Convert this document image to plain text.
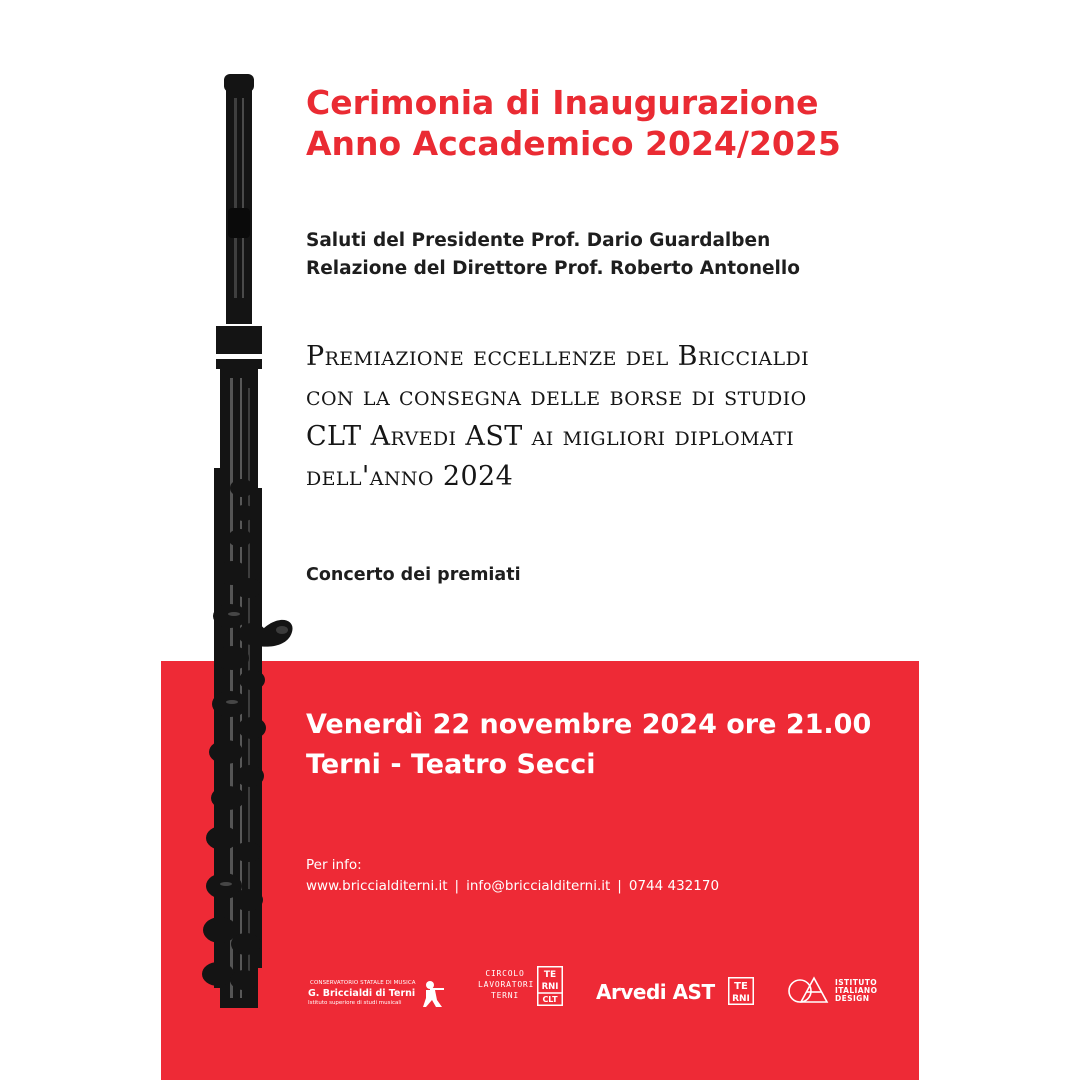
Cerimonia di Inaugurazione
Anno Accademico 2024/2025
Saluti del Presidente Prof. Dario Guardalben
Relazione del Direttore Prof. Roberto Antonello
Premiazione eccellenze del Briccialdi
con la consegna delle borse di studio
CLT Arvedi AST ai migliori diplomati
dell'anno 2024
Concerto dei premiati
Venerdì 22 novembre 2024 ore 21.00
Terni - Teatro Secci
Per info:
www.briccialditerni.it | info@briccialditerni.it | 0744 432170
CONSERVATORIO STATALE DI MUSICA
G. Briccialdi di Terni
Istituto superiore di studi musicali
CIRCOLO
LAVORATORI
TERNI
TE
RNI
CLT Arvedi AST TE
RNI
ISTITUTO
ITALIANO
DESIGN
